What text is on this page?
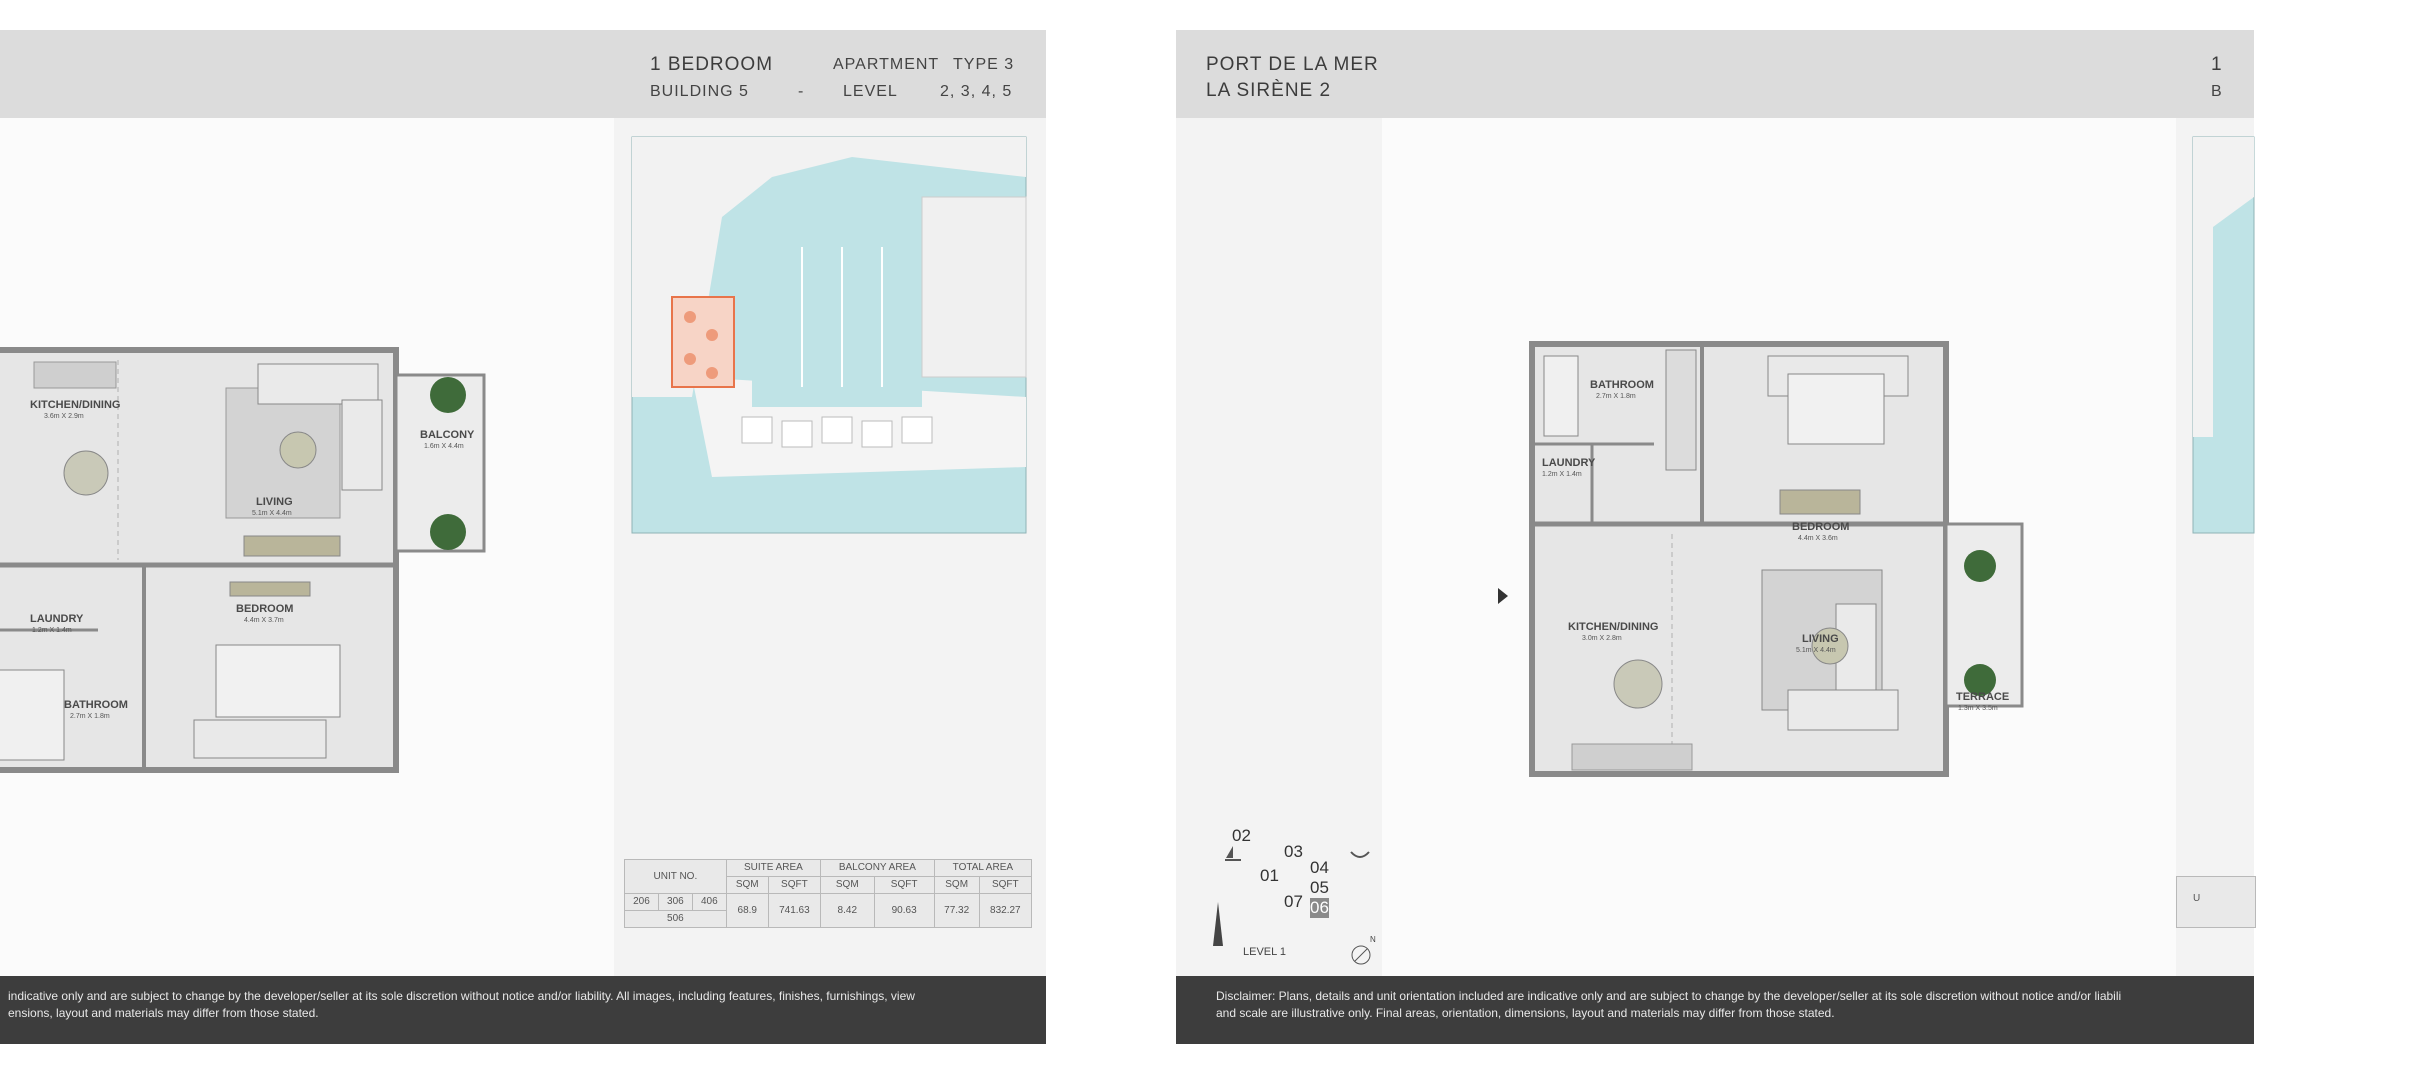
1 BEDROOM	APARTMENT TYPE 3
BUILDING 5	- LEVEL	2, 3, 4, 5
KITCHEN/DINING
3.6m X 2.9m
LIVING
5.1m X 4.4m
BALCONY
1.6m X 4.4m
BEDROOM
4.4m X 3.7m
LAUNDRY
1.2m X 1.4m
BATHROOM
2.7m X 1.8m
UNIT NO.			SUITE AREA		BALCONY AREA		TOTAL AREA	
			SQM	SQFT	SQM	SQFT	SQM	SQFT
206	306	406	68.9	741.63	8.42	90.63	77.32	832.27
506								
indicative only and are subject to change by the developer/seller at its sole discretion without notice and/or liability. All images, including features, finishes, furnishings, view
ensions, layout and materials may differ from those stated.
PORT DE LA MER
LA SIRÈNE 2
1
B
BATHROOM
2.7m X 1.8m
LAUNDRY
1.2m X 1.4m
BEDROOM
4.4m X 3.6m
KITCHEN/DINING
3.0m X 2.8m	LIVING
5.1m X 4.4m
TERRACE
1.3m X 3.5m
02
03
04
01
05
07 06
LEVEL 1
N
U
Disclaimer: Plans, details and unit orientation included are indicative only and are subject to change by the developer/seller at its sole discretion without notice and/or liabili
and scale are illustrative only. Final areas, orientation, dimensions, layout and materials may differ from those stated.
